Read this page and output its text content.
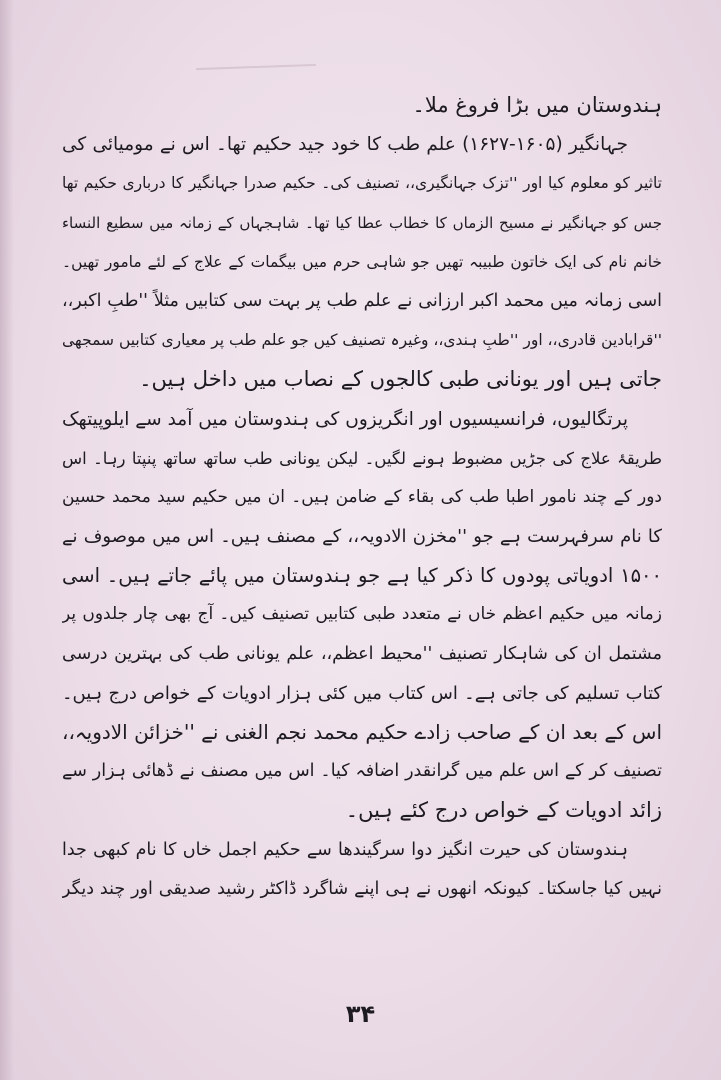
ہندوستان میں بڑا فروغ ملا۔
جہانگیر (۱۶۰۵-۱۶۲۷) علم طب کا خود جید حکیم تھا۔ اس نے مومیائی کی
تاثیر کو معلوم کیا اور ''تزک جہانگیری،، تصنیف کی۔ حکیم صدرا جہانگیر کا درباری حکیم تھا
جس کو جہانگیر نے مسیح الزماں کا خطاب عطا کیا تھا۔ شاہجہاں کے زمانہ میں سطیع النساء
خانم نام کی ایک خاتون طبیبہ تھیں جو شاہی حرم میں بیگمات کے علاج کے لئے مامور تھیں۔
اسی زمانہ میں محمد اکبر ارزانی نے علم طب پر بہت سی کتابیں مثلاً ''طبِ اکبر،،
''قرابادین قادری،، اور ''طبِ ہندی،، وغیرہ تصنیف کیں جو علم طب پر معیاری کتابیں سمجھی
جاتی ہیں اور یونانی طبی کالجوں کے نصاب میں داخل ہیں۔
پرتگالیوں، فرانسیسیوں اور انگریزوں کی ہندوستان میں آمد سے ایلوپیتھک
طریقۂ علاج کی جڑیں مضبوط ہونے لگیں۔ لیکن یونانی طب ساتھ ساتھ پنپتا رہا۔ اس
دور کے چند نامور اطبا طب کی بقاء کے ضامن ہیں۔ ان میں حکیم سید محمد حسین
کا نام سرفہرست ہے جو ''مخزن الادویہ،، کے مصنف ہیں۔ اس میں موصوف نے
۱۵۰۰ ادویاتی پودوں کا ذکر کیا ہے جو ہندوستان میں پائے جاتے ہیں۔ اسی
زمانہ میں حکیم اعظم خاں نے متعدد طبی کتابیں تصنیف کیں۔ آج بھی چار جلدوں پر
مشتمل ان کی شاہکار تصنیف ''محیط اعظم،، علم یونانی طب کی بہترین درسی
کتاب تسلیم کی جاتی ہے۔ اس کتاب میں کئی ہزار ادویات کے خواص درج ہیں۔
اس کے بعد ان کے صاحب زادے حکیم محمد نجم الغنی نے ''خزائن الادویہ،،
تصنیف کر کے اس علم میں گرانقدر اضافہ کیا۔ اس میں مصنف نے ڈھائی ہزار سے
زائد ادویات کے خواص درج کئے ہیں۔
ہندوستان کی حیرت انگیز دوا سرگیندھا سے حکیم اجمل خاں کا نام کبھی جدا
نہیں کیا جاسکتا۔ کیونکہ انھوں نے ہی اپنے شاگرد ڈاکٹر رشید صدیقی اور چند دیگر
۳۴
